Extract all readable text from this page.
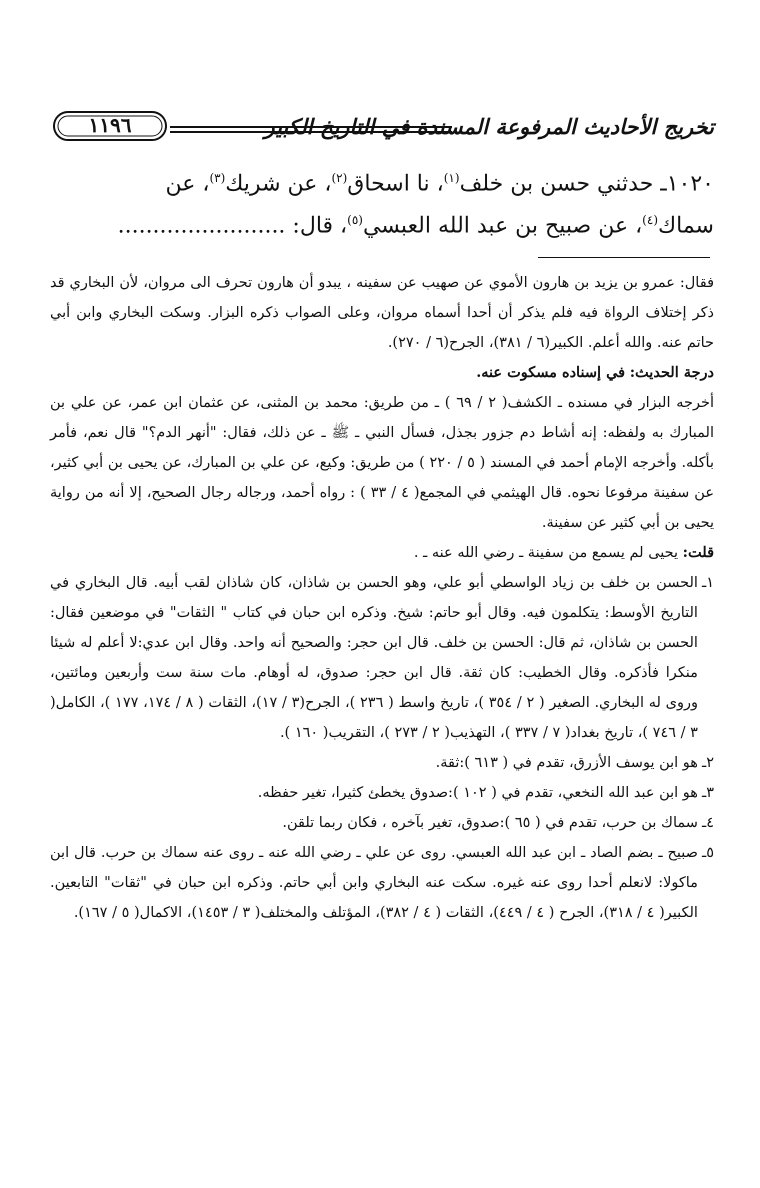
تخريج الأحاديث المرفوعة المسندة في التاريخ الكبير
١١٩٦

١٠٢٠ـ حدثني حسن بن خلف$^{(١)}$، نا اسحاق$^{(٢)}$، عن شريك$^{(٣)}$، عن

سماك$^{(٤)}$، عن صبيح بن عبد الله العبسي$^{(٥)}$، قال: ........................

فقال: عمرو بن يزيد بن هارون الأموي عن صهيب عن سفينه ، يبدو أن هارون تحرف الى مروان، لأن البخاري قد ذكر إختلاف الرواة فيه فلم يذكر أن أحدا أسماه مروان، وعلى الصواب ذكره البزار. وسكت البخاري وابن أبي حاتم عنه. والله أعلم. الكبير(٦ / ٣٨١)، الجرح(٦ / ٢٧٠).

درجة الحديث: في إسناده مسكوت عنه.

أخرجه البزار في مسنده ـ الكشف( ٢ / ٦٩ ) ـ من طريق: محمد بن المثنى، عن عثمان ابن عمر، عن علي بن المبارك به ولفظه: إنه أشاط دم جزور بجذل، فسأل النبي ـ ﷺ ـ عن ذلك، فقال: "أنهر الدم؟" قال نعم، فأمر بأكله. وأخرجه الإمام أحمد في المسند ( ٥ / ٢٢٠ ) من طريق: وكيع، عن علي بن المبارك، عن يحيى بن أبي كثير، عن سفينة مرفوعا نحوه. قال الهيثمي في المجمع( ٤ / ٣٣ ) : رواه أحمد، ورجاله رجال الصحيح، إلا أنه من رواية يحيى بن أبي كثير عن سفينة.

قلت: يحيى لم يسمع من سفينة ـ رضي الله عنه ـ .

١ـ
الحسن بن خلف بن زياد الواسطي أبو علي، وهو الحسن بن شاذان، كان شاذان لقب أبيه. قال البخاري في التاريخ الأوسط: يتكلمون فيه. وقال أبو حاتم: شيخ. وذكره ابن حبان في كتاب " الثقات" في موضعين فقال: الحسن بن شاذان، ثم قال: الحسن بن خلف. قال ابن حجر: والصحيح أنه واحد. وقال ابن عدي:لا أعلم له شيئا منكرا فأذكره. وقال الخطيب: كان ثقة. قال ابن حجر: صدوق، له أوهام. مات سنة ست وأربعين ومائتين، وروى له البخاري. الصغير ( ٢ / ٣٥٤ )، تاريخ واسط ( ٢٣٦ )، الجرح(٣ / ١٧)، الثقات ( ٨ / ١٧٤، ١٧٧ )، الكامل( ٣ / ٧٤٦ )، تاريخ بغداد( ٧ / ٣٣٧ )، التهذيب( ٢ / ٢٧٣ )، التقريب( ١٦٠ ).
٢ـ
هو ابن يوسف الأزرق، تقدم في ( ٦١٣ ):ثقة.
٣ـ
هو ابن عبد الله النخعي، تقدم في ( ١٠٢ ):صدوق يخطئ كثيرا، تغير حفظه.
٤ـ
سماك بن حرب، تقدم في ( ٦٥ ):صدوق، تغير بآخره ، فكان ربما تلقن.
٥ـ
صبيح ـ بضم الصاد ـ ابن عبد الله العبسي. روى عن علي ـ رضي الله عنه ـ روى عنه سماك بن حرب. قال ابن ماكولا: لانعلم أحدا روى عنه غيره. سكت عنه البخاري وابن أبي حاتم. وذكره ابن حبان في "ثقات" التابعين. الكبير( ٤ / ٣١٨)، الجرح ( ٤ / ٤٤٩)، الثقات ( ٤ / ٣٨٢)، المؤتلف والمختلف( ٣ / ١٤٥٣)، الاكمال( ٥ / ١٦٧).
